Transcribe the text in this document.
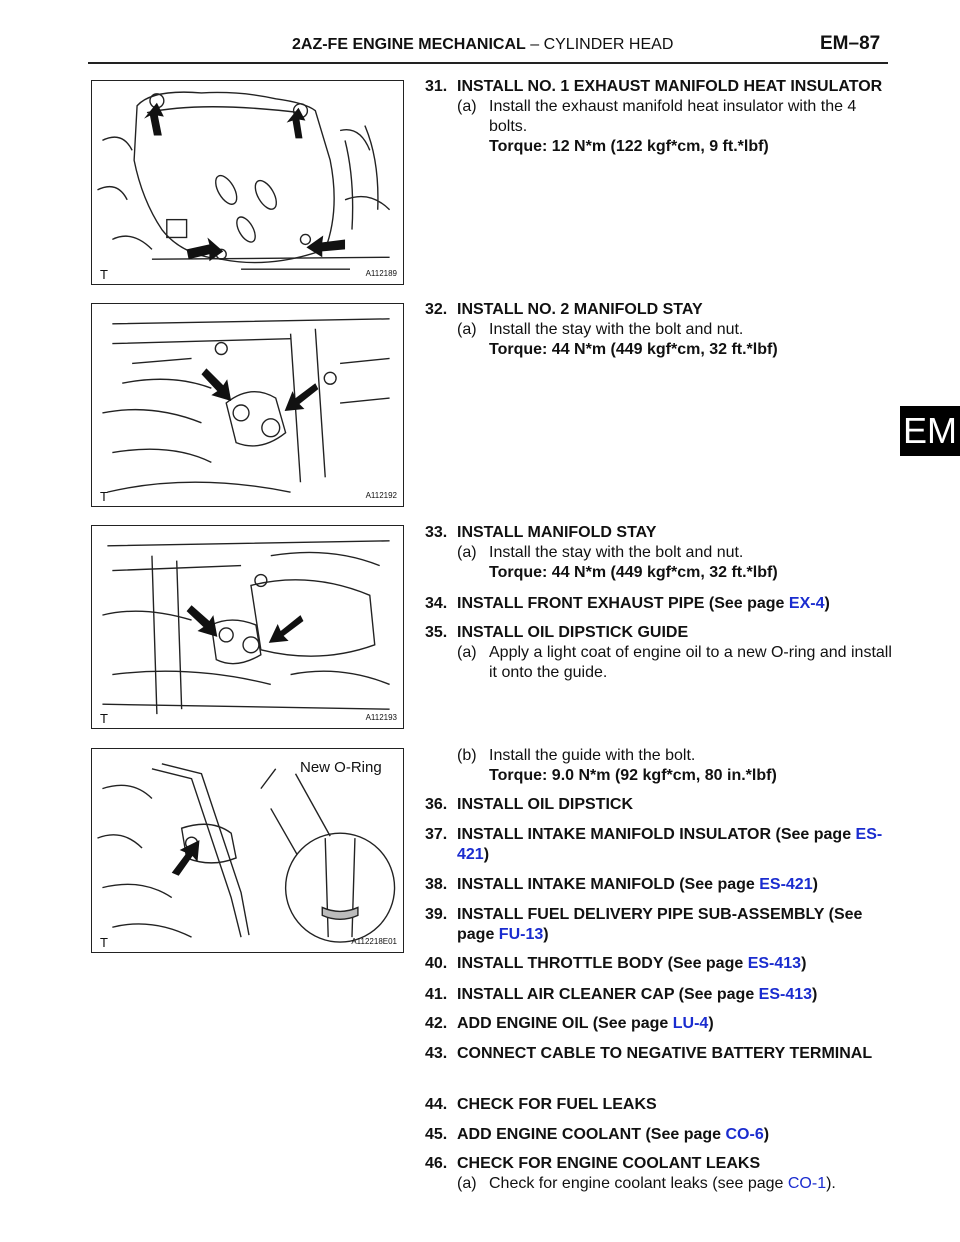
2AZ-FE ENGINE MECHANICAL – CYLINDER HEAD	EM–87
EM
T	A112189
T	A112192
T	A112193
New O-Ring
T	A112218E01
31. INSTALL NO. 1 EXHAUST MANIFOLD HEAT INSULATOR
(a) Install the exhaust manifold heat insulator with the 4 bolts.
Torque: 12 N*m (122 kgf*cm, 9 ft.*lbf)
32. INSTALL NO. 2 MANIFOLD STAY
(a) Install the stay with the bolt and nut.
Torque: 44 N*m (449 kgf*cm, 32 ft.*lbf)
33. INSTALL MANIFOLD STAY
(a) Install the stay with the bolt and nut.
Torque: 44 N*m (449 kgf*cm, 32 ft.*lbf)
34. INSTALL FRONT EXHAUST PIPE (See page EX-4)
35. INSTALL OIL DIPSTICK GUIDE
(a) Apply a light coat of engine oil to a new O-ring and install it onto the guide.
(b) Install the guide with the bolt.
Torque: 9.0 N*m (92 kgf*cm, 80 in.*lbf)
36. INSTALL OIL DIPSTICK
37. INSTALL INTAKE MANIFOLD INSULATOR (See page ES-421)
38. INSTALL INTAKE MANIFOLD (See page ES-421)
39. INSTALL FUEL DELIVERY PIPE SUB-ASSEMBLY (See page FU-13)
40. INSTALL THROTTLE BODY (See page ES-413)
41. INSTALL AIR CLEANER CAP (See page ES-413)
42. ADD ENGINE OIL (See page LU-4)
43. CONNECT CABLE TO NEGATIVE BATTERY TERMINAL
44. CHECK FOR FUEL LEAKS
45. ADD ENGINE COOLANT (See page CO-6)
46. CHECK FOR ENGINE COOLANT LEAKS
(a) Check for engine coolant leaks (see page CO-1).
